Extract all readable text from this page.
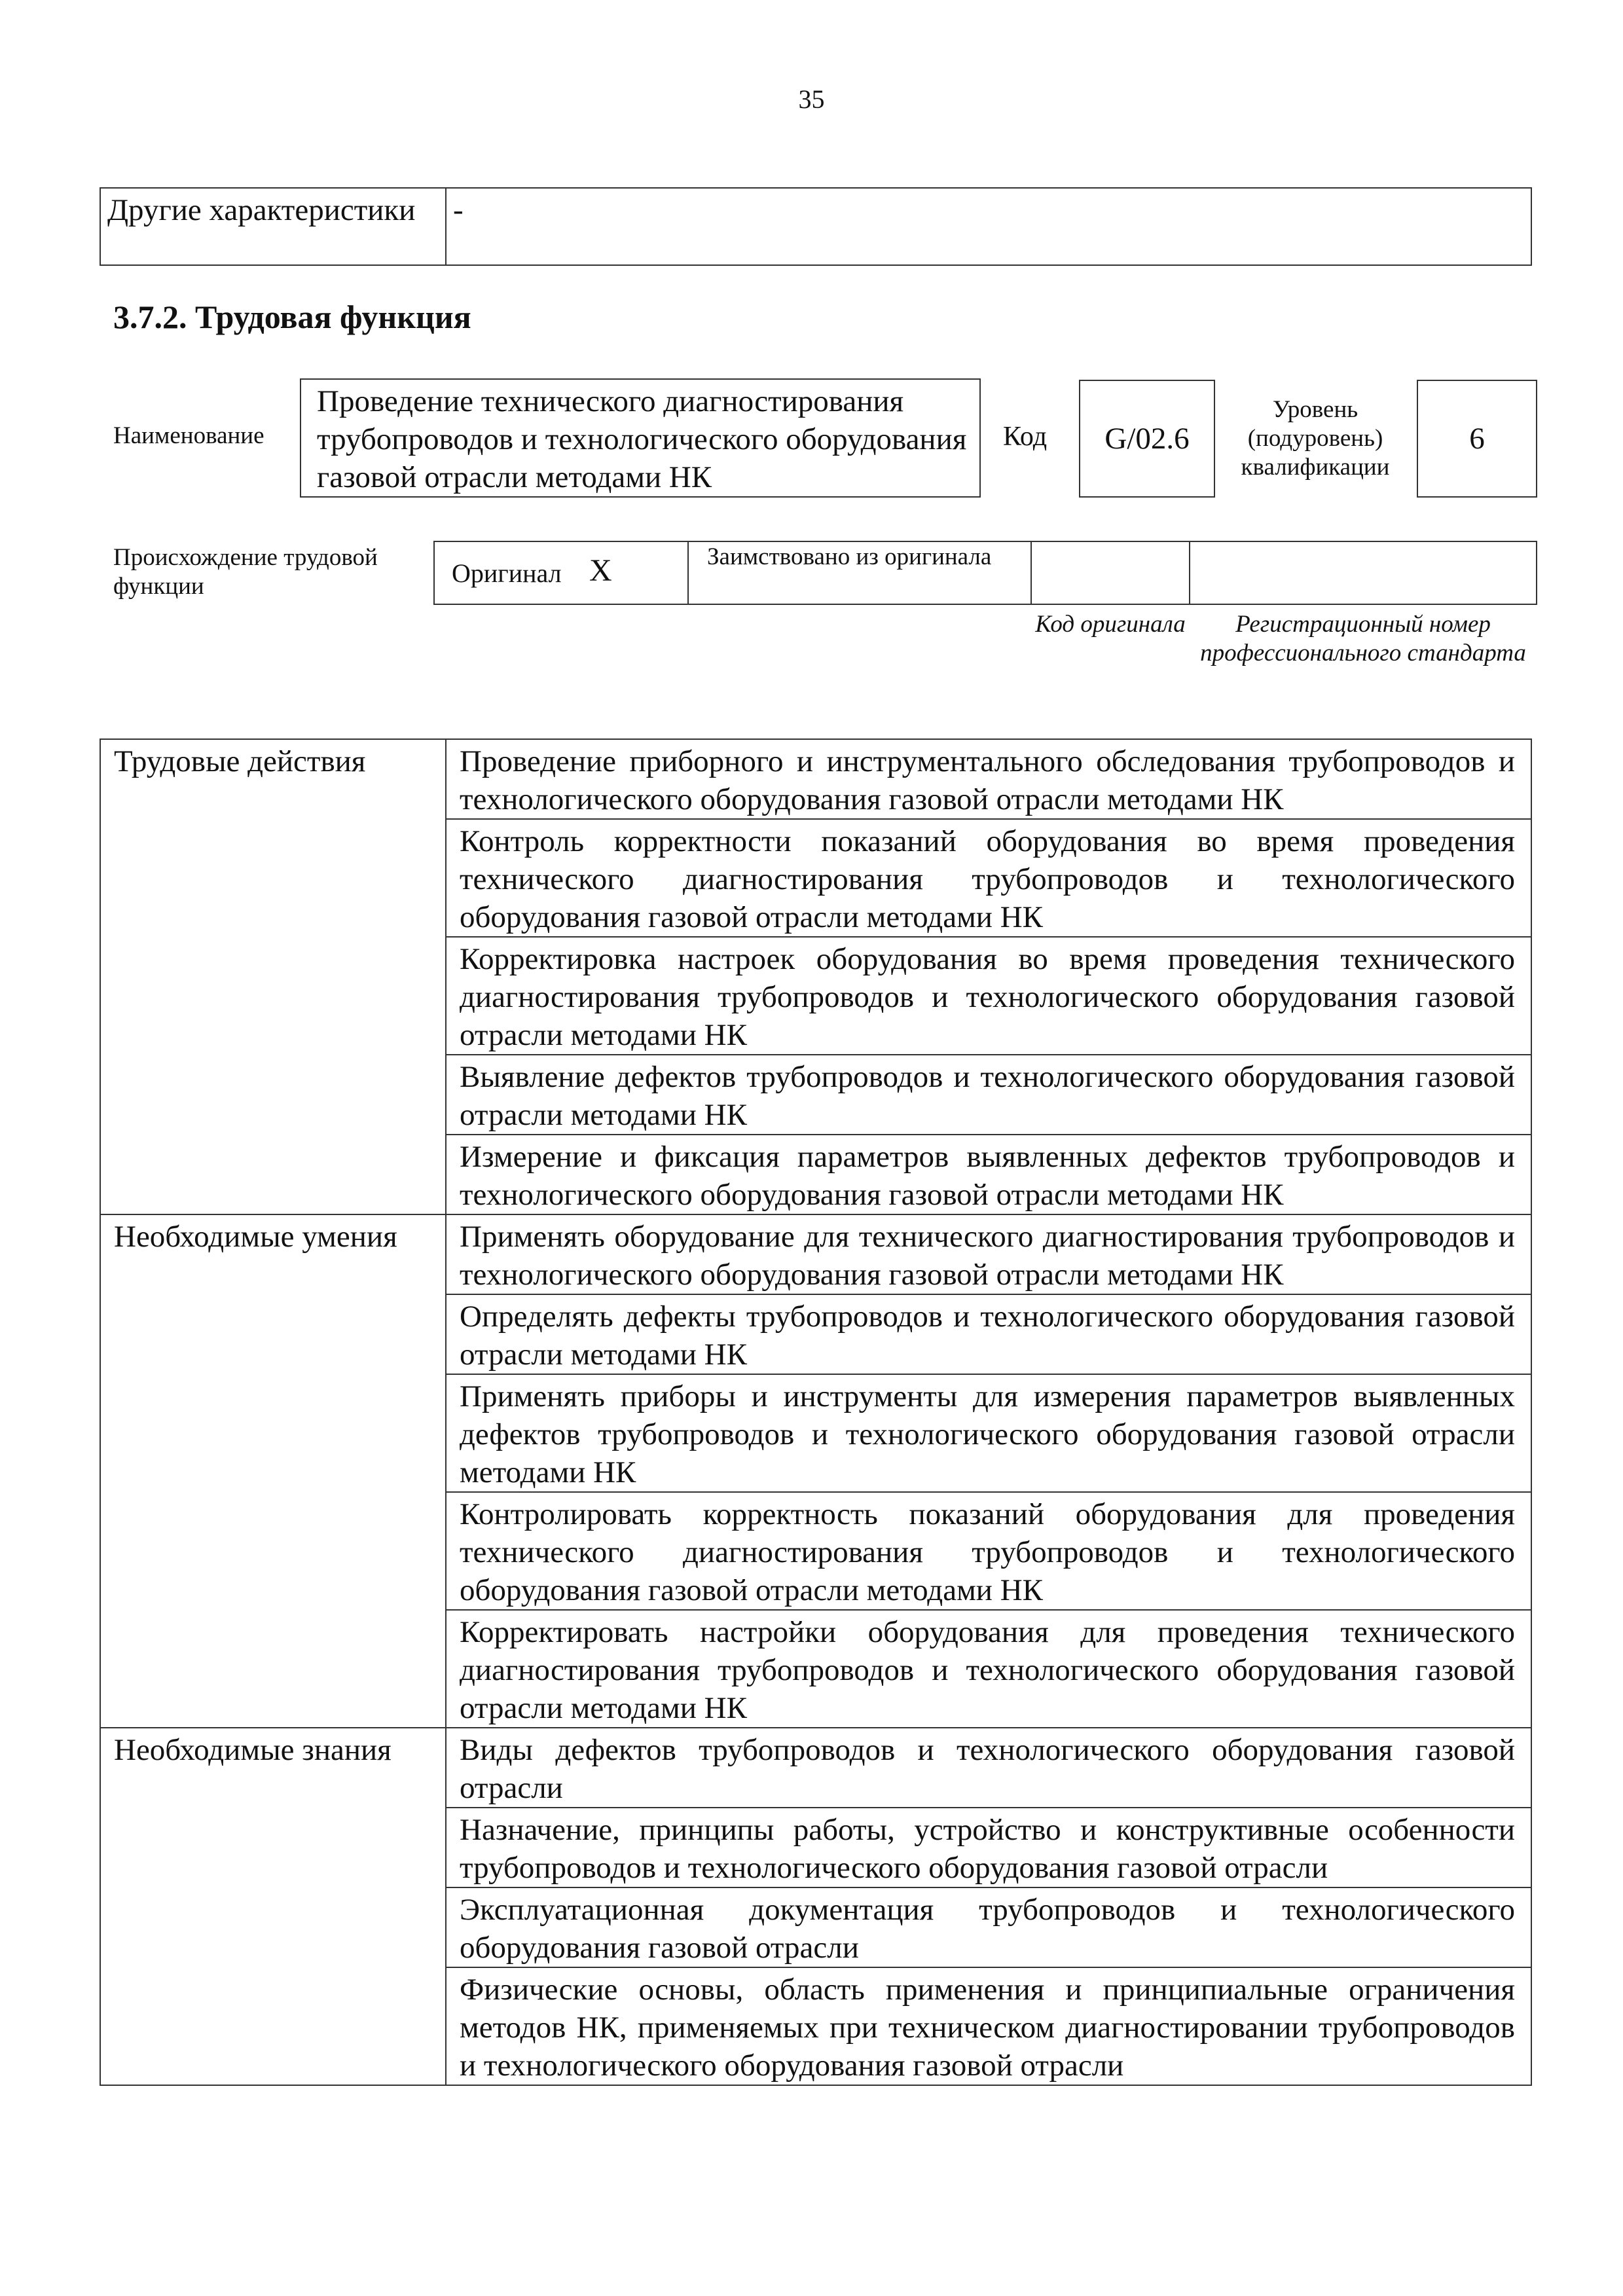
35
Другие характеристики	-
3.7.2. Трудовая функция
Наименование
Проведение технического диагностирования трубопроводов и технологического оборудования газовой отрасли методами НК
Код	G/02.6
Уровень (подуровень) квалификации
6
Происхождение трудовой функции	Оригинал X	Заимствовано из оригинала
Код оригинала	Регистрационный номер профессионального стандарта
Трудовые действия	Проведение приборного и инструментального обследования трубопроводов и технологического оборудования газовой отрасли методами НК
	Контроль корректности показаний оборудования во время проведения технического диагностирования трубопроводов и технологического оборудования газовой отрасли методами НК
	Корректировка настроек оборудования во время проведения технического диагностирования трубопроводов и технологического оборудования газовой отрасли методами НК
	Выявление дефектов трубопроводов и технологического оборудования газовой отрасли методами НК
	Измерение и фиксация параметров выявленных дефектов трубопроводов и технологического оборудования газовой отрасли методами НК
Необходимые умения	Применять оборудование для технического диагностирования трубопроводов и технологического оборудования газовой отрасли методами НК
	Определять дефекты трубопроводов и технологического оборудования газовой отрасли методами НК
	Применять приборы и инструменты для измерения параметров выявленных дефектов трубопроводов и технологического оборудования газовой отрасли методами НК
	Контролировать корректность показаний оборудования для проведения технического диагностирования трубопроводов и технологического оборудования газовой отрасли методами НК
	Корректировать настройки оборудования для проведения технического диагностирования трубопроводов и технологического оборудования газовой отрасли методами НК
Необходимые знания	Виды дефектов трубопроводов и технологического оборудования газовой отрасли
	Назначение, принципы работы, устройство и конструктивные особенности трубопроводов и технологического оборудования газовой отрасли
	Эксплуатационная документация трубопроводов и технологического оборудования газовой отрасли
	Физические основы, область применения и принципиальные ограничения методов НК, применяемых при техническом диагностировании трубопроводов и технологического оборудования газовой отрасли
